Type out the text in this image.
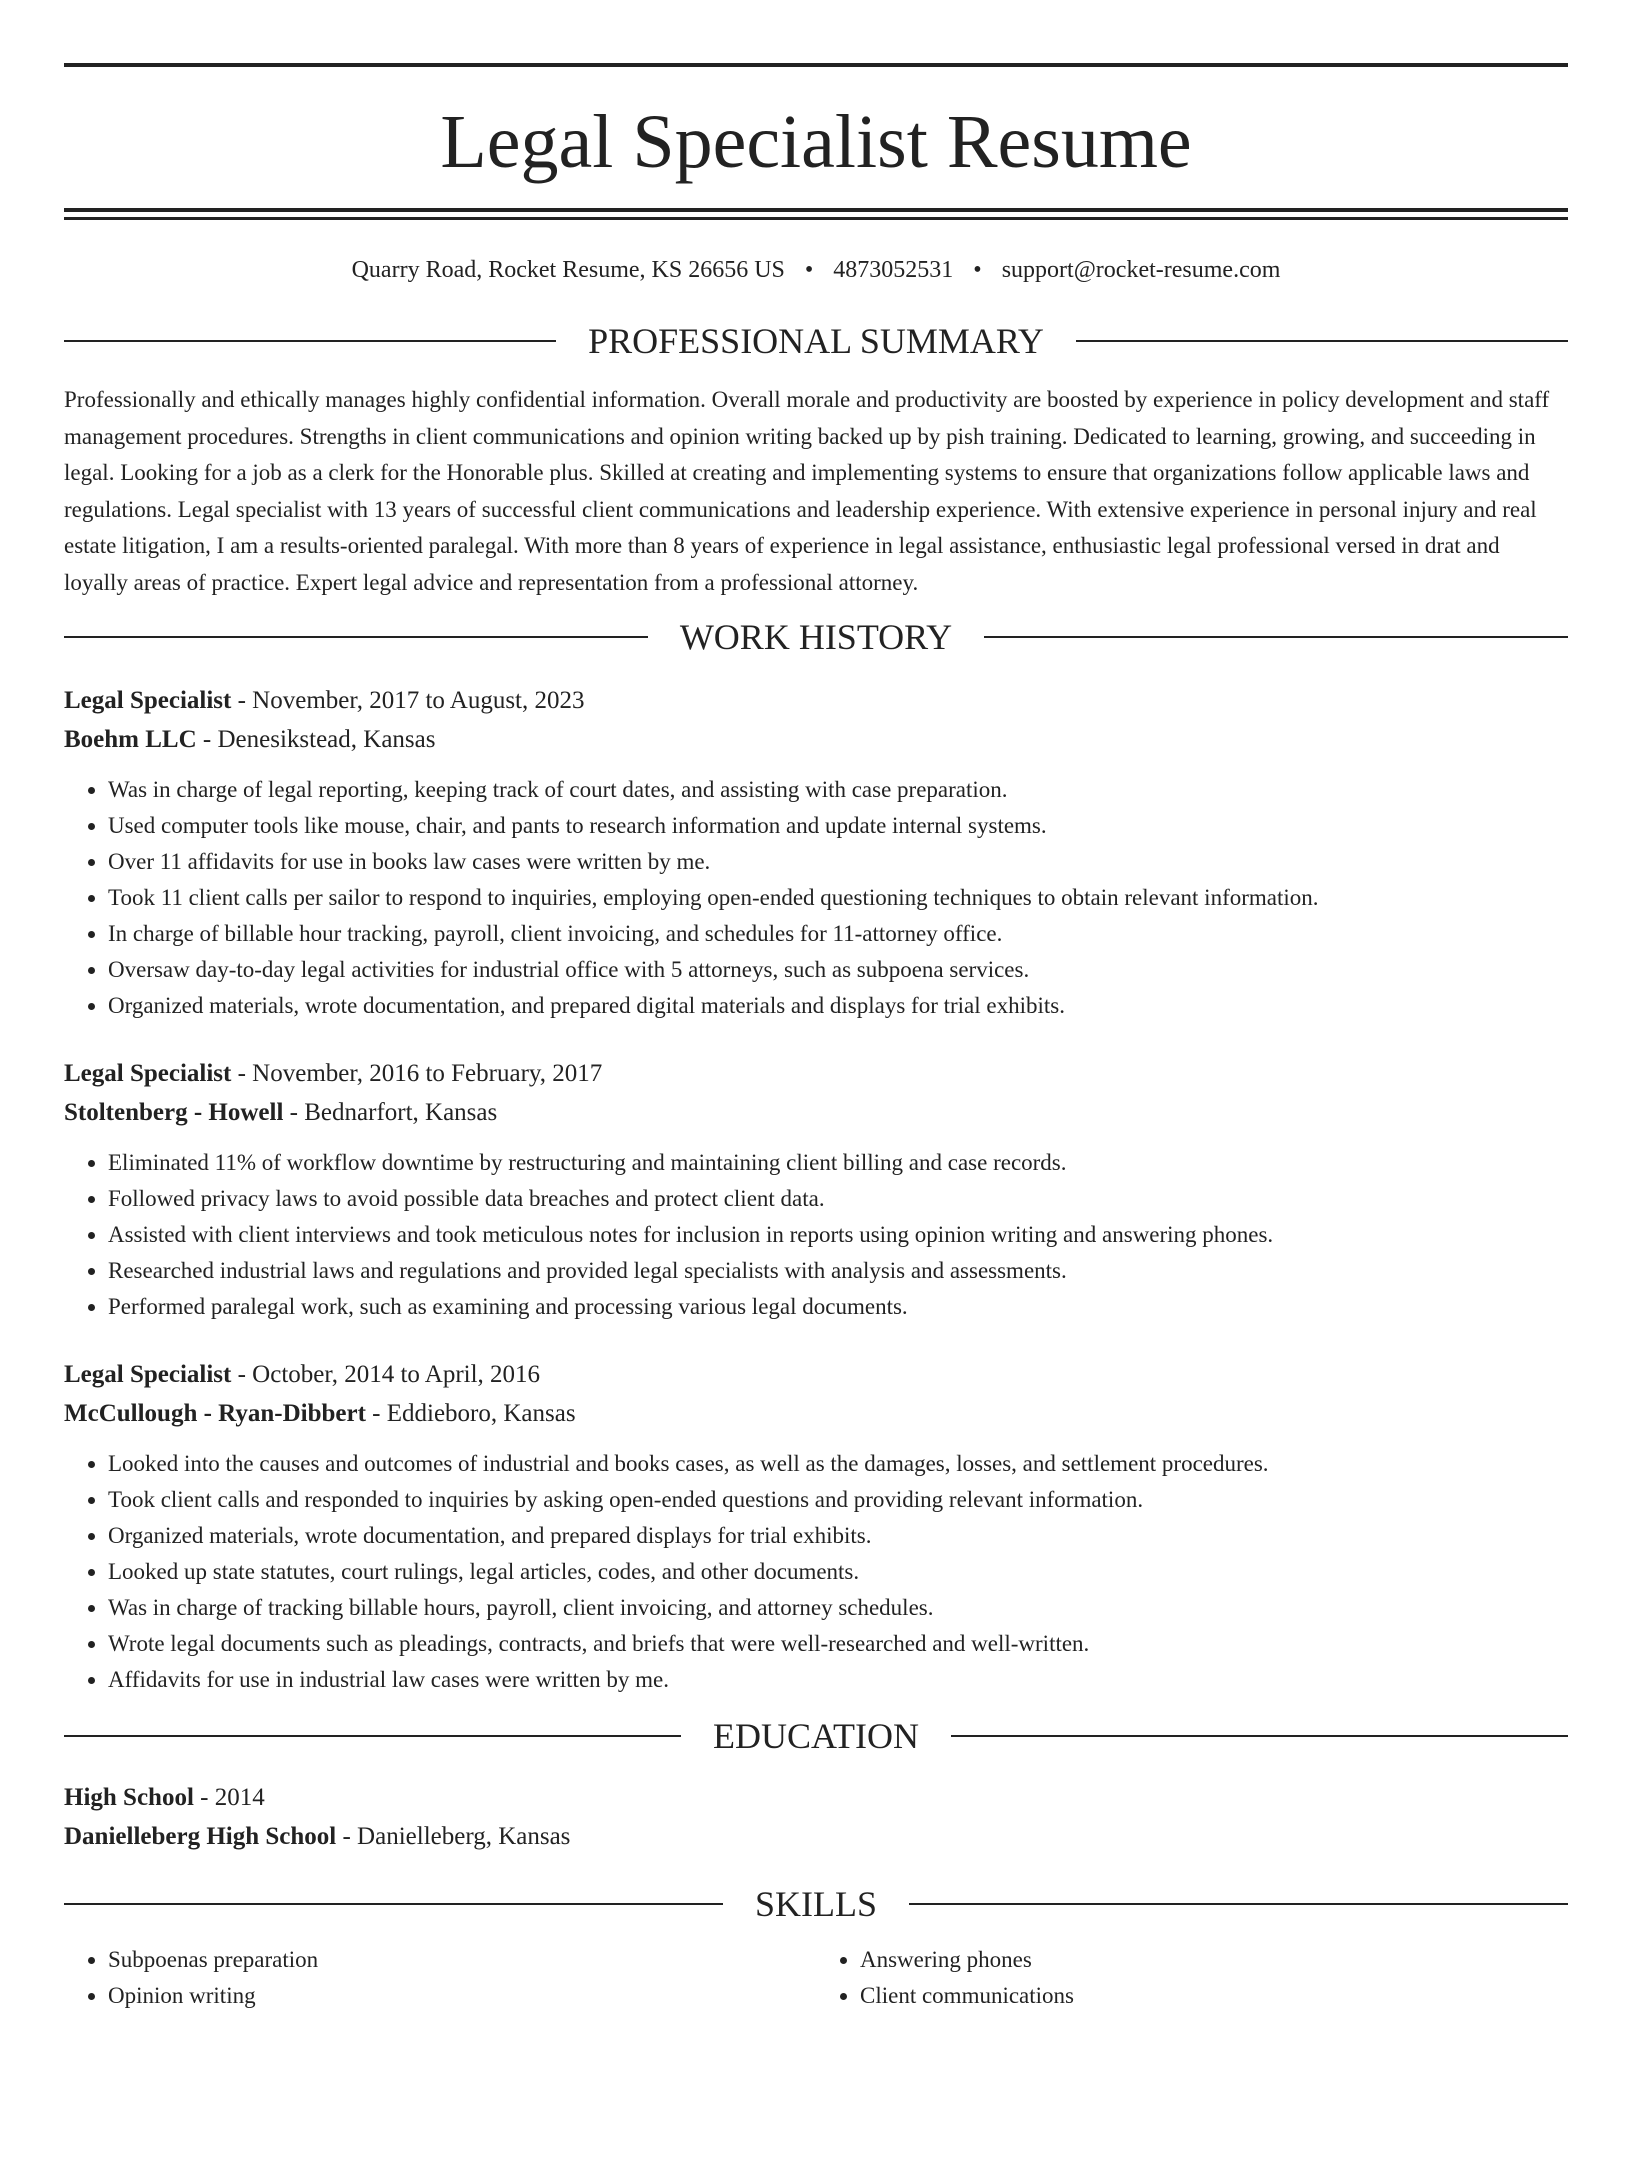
Legal Specialist Resume
Quarry Road, Rocket Resume, KS 26656 US • 4873052531 • support@rocket-resume.com
PROFESSIONAL SUMMARY

Professionally and ethically manages highly confidential information. Overall morale and productivity are boosted by experience in policy development and staff management procedures. Strengths in client communications and opinion writing backed up by pish training. Dedicated to learning, growing, and succeeding in legal. Looking for a job as a clerk for the Honorable plus. Skilled at creating and implementing systems to ensure that organizations follow applicable laws and regulations. Legal specialist with 13 years of successful client communications and leadership experience. With extensive experience in personal injury and real estate litigation, I am a results-oriented paralegal. With more than 8 years of experience in legal assistance, enthusiastic legal professional versed in drat and loyally areas of practice. Expert legal advice and representation from a professional attorney.

WORK HISTORY
Legal Specialist - November, 2017 to August, 2023
Boehm LLC - Denesikstead, Kansas
• Was in charge of legal reporting, keeping track of court dates, and assisting with case preparation.
• Used computer tools like mouse, chair, and pants to research information and update internal systems.
• Over 11 affidavits for use in books law cases were written by me.
• Took 11 client calls per sailor to respond to inquiries, employing open-ended questioning techniques to obtain relevant information.
• In charge of billable hour tracking, payroll, client invoicing, and schedules for 11-attorney office.
• Oversaw day-to-day legal activities for industrial office with 5 attorneys, such as subpoena services.
• Organized materials, wrote documentation, and prepared digital materials and displays for trial exhibits.
Legal Specialist - November, 2016 to February, 2017
Stoltenberg - Howell - Bednarfort, Kansas
• Eliminated 11% of workflow downtime by restructuring and maintaining client billing and case records.
• Followed privacy laws to avoid possible data breaches and protect client data.
• Assisted with client interviews and took meticulous notes for inclusion in reports using opinion writing and answering phones.
• Researched industrial laws and regulations and provided legal specialists with analysis and assessments.
• Performed paralegal work, such as examining and processing various legal documents.
Legal Specialist - October, 2014 to April, 2016
McCullough - Ryan-Dibbert - Eddieboro, Kansas
• Looked into the causes and outcomes of industrial and books cases, as well as the damages, losses, and settlement procedures.
• Took client calls and responded to inquiries by asking open-ended questions and providing relevant information.
• Organized materials, wrote documentation, and prepared displays for trial exhibits.
• Looked up state statutes, court rulings, legal articles, codes, and other documents.
• Was in charge of tracking billable hours, payroll, client invoicing, and attorney schedules.
• Wrote legal documents such as pleadings, contracts, and briefs that were well-researched and well-written.
• Affidavits for use in industrial law cases were written by me.
EDUCATION
High School - 2014
Danielleberg High School - Danielleberg, Kansas
SKILLS
• Subpoenas preparation
• Opinion writing
• Answering phones
• Client communications
